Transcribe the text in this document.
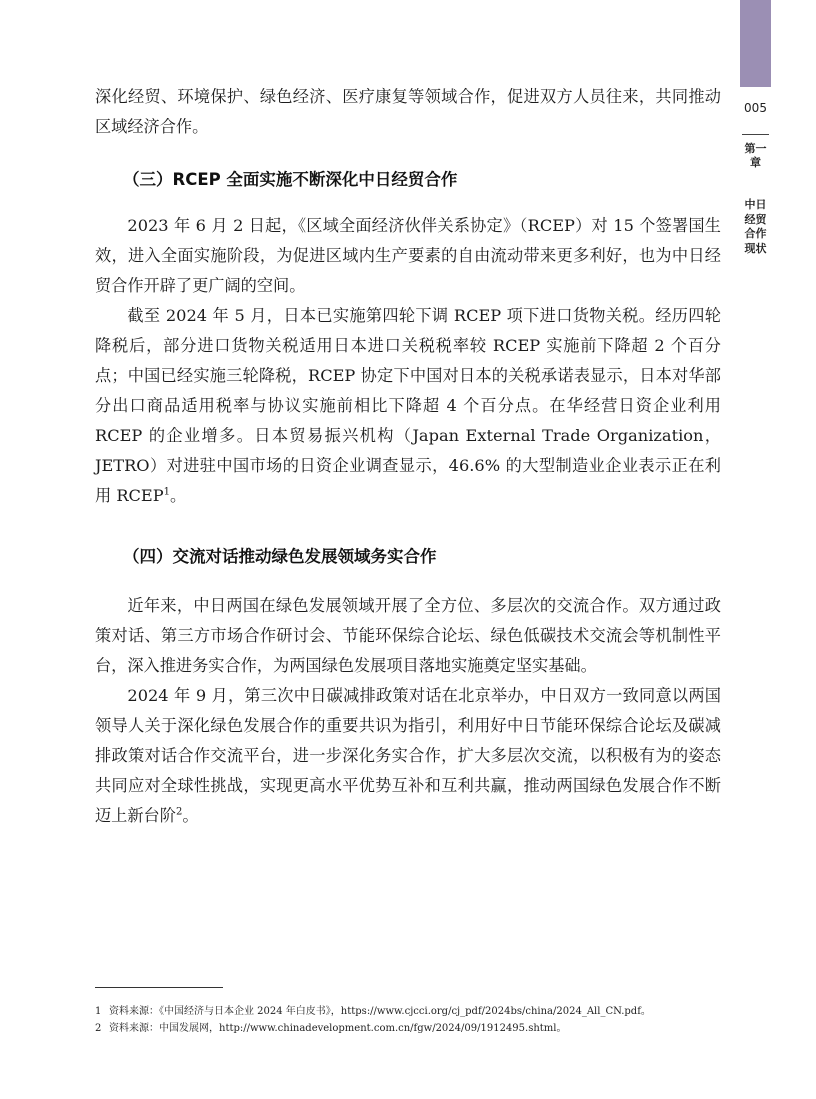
005
第一章
中日经贸合作现状

深化经贸、环境保护、绿色经济、医疗康复等领域合作，促进双方人员往来，共同推动区域经济合作。

（三）RCEP 全面实施不断深化中日经贸合作

2023 年 6 月 2 日起，《区域全面经济伙伴关系协定》（RCEP）对 15 个签署国生效，进入全面实施阶段，为促进区域内生产要素的自由流动带来更多利好，也为中日经贸合作开辟了更广阔的空间。

截至 2024 年 5 月，日本已实施第四轮下调 RCEP 项下进口货物关税。经历四轮降税后，部分进口货物关税适用日本进口关税税率较 RCEP 实施前下降超 2 个百分点；中国已经实施三轮降税，RCEP 协定下中国对日本的关税承诺表显示，日本对华部分出口商品适用税率与协议实施前相比下降超 4 个百分点。在华经营日资企业利用 RCEP 的企业增多。日本贸易振兴机构（Japan External Trade Organization，JETRO）对进驻中国市场的日资企业调查显示，46.6% 的大型制造业企业表示正在利用 RCEP$^1$。

（四）交流对话推动绿色发展领域务实合作

近年来，中日两国在绿色发展领域开展了全方位、多层次的交流合作。双方通过政策对话、第三方市场合作研讨会、节能环保综合论坛、绿色低碳技术交流会等机制性平台，深入推进务实合作，为两国绿色发展项目落地实施奠定坚实基础。

2024 年 9 月，第三次中日碳减排政策对话在北京举办，中日双方一致同意以两国领导人关于深化绿色发展合作的重要共识为指引，利用好中日节能环保综合论坛及碳减排政策对话合作交流平台，进一步深化务实合作，扩大多层次交流，以积极有为的姿态共同应对全球性挑战，实现更高水平优势互补和互利共赢，推动两国绿色发展合作不断迈上新台阶$^2$。

1 资料来源：《中国经济与日本企业 2024 年白皮书》，https://www.cjcci.org/cj_pdf/2024bs/china/2024_All_CN.pdf。
2 资料来源：中国发展网，http://www.chinadevelopment.com.cn/fgw/2024/09/1912495.shtml。
